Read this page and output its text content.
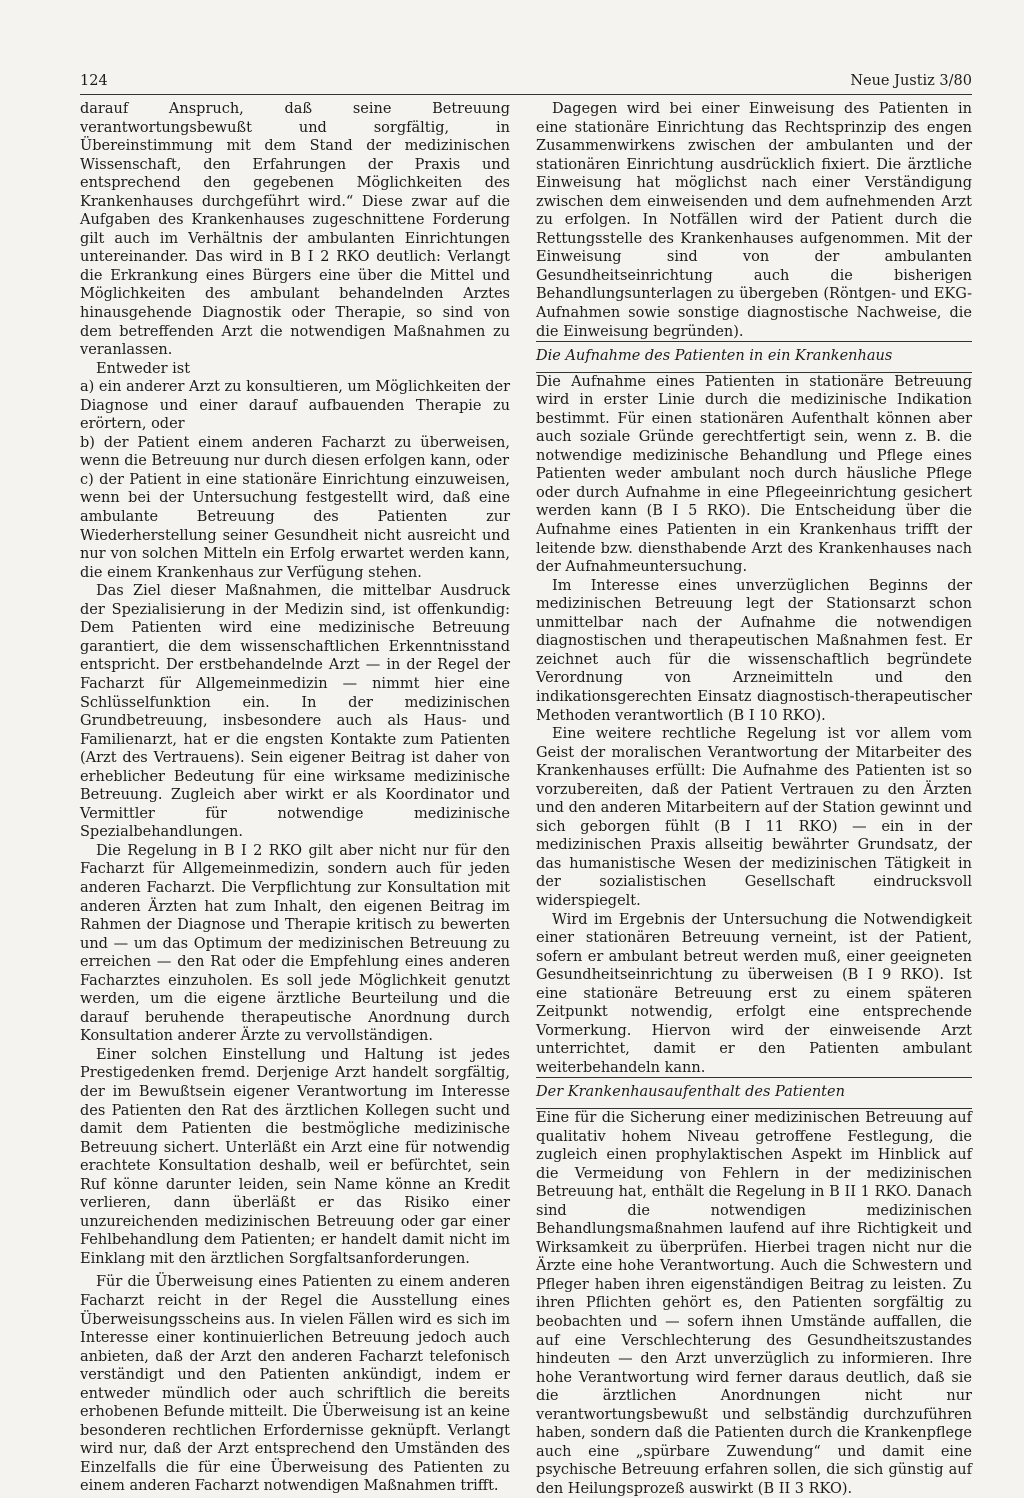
124	Neue Justiz 3/80

darauf Anspruch, daß seine Betreuung verantwortungsbewußt und sorgfältig, in Übereinstimmung mit dem Stand der medizinischen Wissenschaft, den Erfahrungen der Praxis und entsprechend den gegebenen Möglichkeiten des Krankenhauses durchgeführt wird.“ Diese zwar auf die Aufgaben des Krankenhauses zugeschnittene Forderung gilt auch im Verhältnis der ambulanten Einrichtungen untereinander. Das wird in B I 2 RKO deutlich: Verlangt die Erkrankung eines Bürgers eine über die Mittel und Möglichkeiten des ambulant behandelnden Arztes hinausgehende Diagnostik oder Therapie, so sind von dem betreffenden Arzt die notwendigen Maßnahmen zu veranlassen.

Entweder ist

a) ein anderer Arzt zu konsultieren, um Möglichkeiten der Diagnose und einer darauf aufbauenden Therapie zu erörtern, oder

b) der Patient einem anderen Facharzt zu überweisen, wenn die Betreuung nur durch diesen erfolgen kann, oder

c) der Patient in eine stationäre Einrichtung einzuweisen, wenn bei der Untersuchung festgestellt wird, daß eine ambulante Betreuung des Patienten zur Wiederherstellung seiner Gesundheit nicht ausreicht und nur von solchen Mitteln ein Erfolg erwartet werden kann, die einem Krankenhaus zur Verfügung stehen.

Das Ziel dieser Maßnahmen, die mittelbar Ausdruck der Spezialisierung in der Medizin sind, ist offenkundig: Dem Patienten wird eine medizinische Betreuung garantiert, die dem wissenschaftlichen Erkenntnisstand entspricht. Der erstbehandelnde Arzt — in der Regel der Facharzt für Allgemeinmedizin — nimmt hier eine Schlüsselfunktion ein. In der medizinischen Grundbetreuung, insbesondere auch als Haus- und Familienarzt, hat er die engsten Kontakte zum Patienten (Arzt des Vertrauens). Sein eigener Beitrag ist daher von erheblicher Bedeutung für eine wirksame medizinische Betreuung. Zugleich aber wirkt er als Koordinator und Vermittler für notwendige medizinische Spezialbehandlungen.

Die Regelung in B I 2 RKO gilt aber nicht nur für den Facharzt für Allgemeinmedizin, sondern auch für jeden anderen Facharzt. Die Verpflichtung zur Konsultation mit anderen Ärzten hat zum Inhalt, den eigenen Beitrag im Rahmen der Diagnose und Therapie kritisch zu bewerten und — um das Optimum der medizinischen Betreuung zu erreichen — den Rat oder die Empfehlung eines anderen Facharztes einzuholen. Es soll jede Möglichkeit genutzt werden, um die eigene ärztliche Beurteilung und die darauf beruhende therapeutische Anordnung durch Konsultation anderer Ärzte zu vervollständigen.

Einer solchen Einstellung und Haltung ist jedes Prestigedenken fremd. Derjenige Arzt handelt sorgfältig, der im Bewußtsein eigener Verantwortung im Interesse des Patienten den Rat des ärztlichen Kollegen sucht und damit dem Patienten die bestmögliche medizinische Betreuung sichert. Unterläßt ein Arzt eine für notwendig erachtete Konsultation deshalb, weil er befürchtet, sein Ruf könne darunter leiden, sein Name könne an Kredit verlieren, dann überläßt er das Risiko einer unzureichenden medizinischen Betreuung oder gar einer Fehlbehandlung dem Patienten; er handelt damit nicht im Einklang mit den ärztlichen Sorgfaltsanforderungen.

Für die Überweisung eines Patienten zu einem anderen Facharzt reicht in der Regel die Ausstellung eines Überweisungsscheins aus. In vielen Fällen wird es sich im Interesse einer kontinuierlichen Betreuung jedoch auch anbieten, daß der Arzt den anderen Facharzt telefonisch verständigt und den Patienten ankündigt, indem er entweder mündlich oder auch schriftlich die bereits erhobenen Befunde mitteilt. Die Überweisung ist an keine besonderen rechtlichen Erfordernisse geknüpft. Verlangt wird nur, daß der Arzt entsprechend den Umständen des Einzelfalls die für eine Überweisung des Patienten zu einem anderen Facharzt notwendigen Maßnahmen trifft.

Dagegen wird bei einer Einweisung des Patienten in eine stationäre Einrichtung das Rechtsprinzip des engen Zusammenwirkens zwischen der ambulanten und der stationären Einrichtung ausdrücklich fixiert. Die ärztliche Einweisung hat möglichst nach einer Verständigung zwischen dem einweisenden und dem aufnehmenden Arzt zu erfolgen. In Notfällen wird der Patient durch die Rettungsstelle des Krankenhauses aufgenommen. Mit der Einweisung sind von der ambulanten Gesundheitseinrichtung auch die bisherigen Behandlungsunterlagen zu übergeben (Röntgen- und EKG-Aufnahmen sowie sonstige diagnostische Nachweise, die die Einweisung begründen).

Die Aufnahme des Patienten in ein Krankenhaus

Die Aufnahme eines Patienten in stationäre Betreuung wird in erster Linie durch die medizinische Indikation bestimmt. Für einen stationären Aufenthalt können aber auch soziale Gründe gerechtfertigt sein, wenn z. B. die notwendige medizinische Behandlung und Pflege eines Patienten weder ambulant noch durch häusliche Pflege oder durch Aufnahme in eine Pflegeeinrichtung gesichert werden kann (B I 5 RKO). Die Entscheidung über die Aufnahme eines Patienten in ein Krankenhaus trifft der leitende bzw. diensthabende Arzt des Krankenhauses nach der Aufnahmeuntersuchung.

Im Interesse eines unverzüglichen Beginns der medizinischen Betreuung legt der Stationsarzt schon unmittelbar nach der Aufnahme die notwendigen diagnostischen und therapeutischen Maßnahmen fest. Er zeichnet auch für die wissenschaftlich begründete Verordnung von Arzneimitteln und den indikationsgerechten Einsatz diagnostisch-therapeutischer Methoden verantwortlich (B I 10 RKO).

Eine weitere rechtliche Regelung ist vor allem vom Geist der moralischen Verantwortung der Mitarbeiter des Krankenhauses erfüllt: Die Aufnahme des Patienten ist so vorzubereiten, daß der Patient Vertrauen zu den Ärzten und den anderen Mitarbeitern auf der Station gewinnt und sich geborgen fühlt (B I 11 RKO) — ein in der medizinischen Praxis allseitig bewährter Grundsatz, der das humanistische Wesen der medizinischen Tätigkeit in der sozialistischen Gesellschaft eindrucksvoll widerspiegelt.

Wird im Ergebnis der Untersuchung die Notwendigkeit einer stationären Betreuung verneint, ist der Patient, sofern er ambulant betreut werden muß, einer geeigneten Gesundheitseinrichtung zu überweisen (B I 9 RKO). Ist eine stationäre Betreuung erst zu einem späteren Zeitpunkt notwendig, erfolgt eine entsprechende Vormerkung. Hiervon wird der einweisende Arzt unterrichtet, damit er den Patienten ambulant weiterbehandeln kann.

Der Krankenhausaufenthalt des Patienten

Eine für die Sicherung einer medizinischen Betreuung auf qualitativ hohem Niveau getroffene Festlegung, die zugleich einen prophylaktischen Aspekt im Hinblick auf die Vermeidung von Fehlern in der medizinischen Betreuung hat, enthält die Regelung in B II 1 RKO. Danach sind die notwendigen medizinischen Behandlungsmaßnahmen laufend auf ihre Richtigkeit und Wirksamkeit zu überprüfen. Hierbei tragen nicht nur die Ärzte eine hohe Verantwortung. Auch die Schwestern und Pfleger haben ihren eigenständigen Beitrag zu leisten. Zu ihren Pflichten gehört es, den Patienten sorgfältig zu beobachten und — sofern ihnen Umstände auffallen, die auf eine Verschlechterung des Gesundheitszustandes hindeuten — den Arzt unverzüglich zu informieren. Ihre hohe Verantwortung wird ferner daraus deutlich, daß sie die ärztlichen Anordnungen nicht nur verantwortungsbewußt und selbständig durchzuführen haben, sondern daß die Patienten durch die Krankenpflege auch eine „spürbare Zuwendung“ und damit eine psychische Betreuung erfahren sollen, die sich günstig auf den Heilungsprozeß auswirkt (B II 3 RKO).
